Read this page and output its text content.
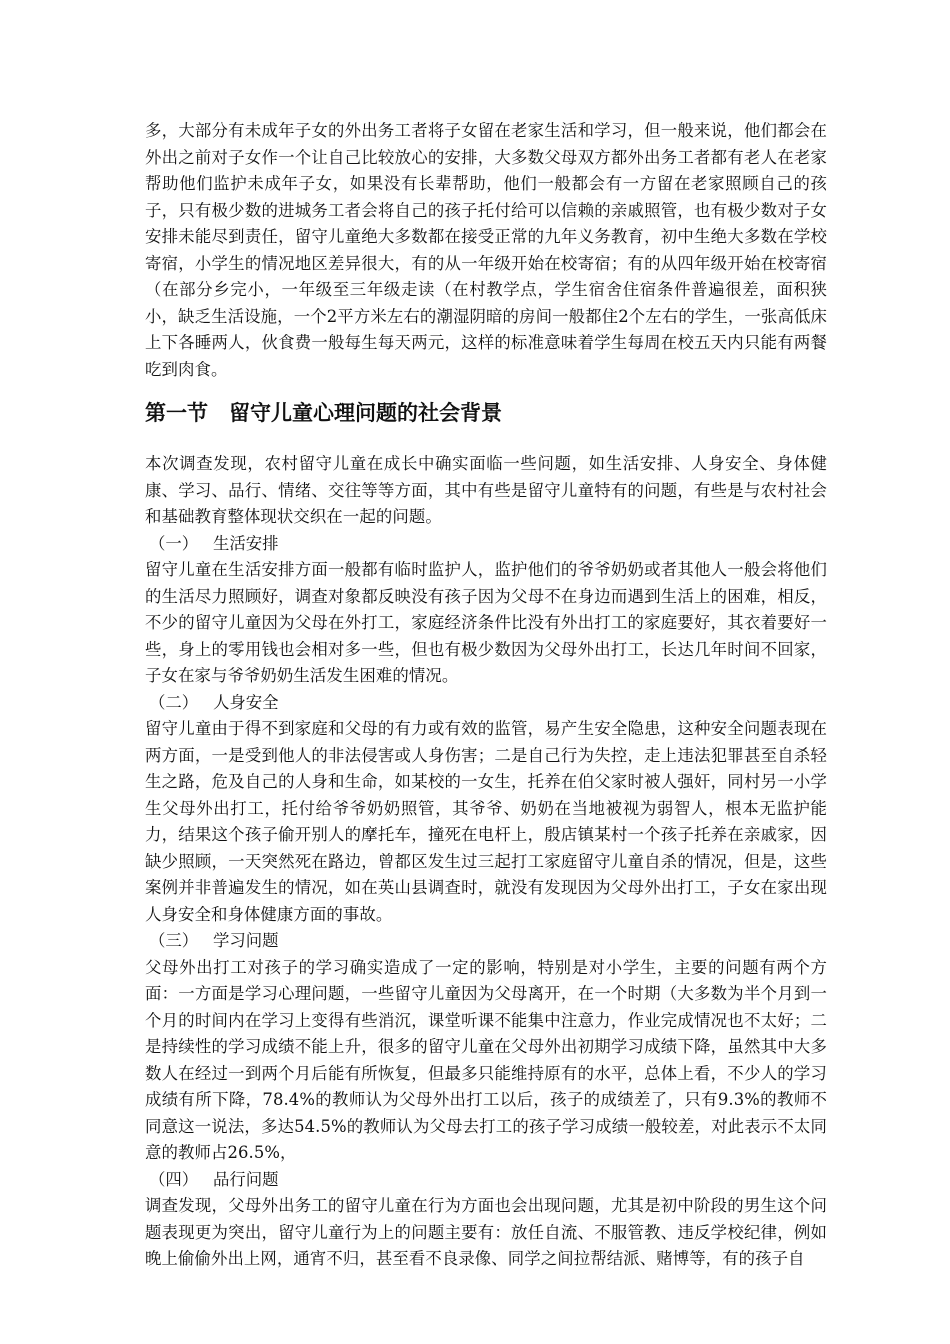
多，大部分有未成年子女的外出务工者将子女留在老家生活和学习，但一般来说，他们都会在外出之前对子女作一个让自己比较放心的安排，大多数父母双方都外出务工者都有老人在老家帮助他们监护未成年子女，如果没有长辈帮助，他们一般都会有一方留在老家照顾自己的孩子，只有极少数的进城务工者会将自己的孩子托付给可以信赖的亲戚照管，也有极少数对子女安排未能尽到责任，留守儿童绝大多数都在接受正常的九年义务教育，初中生绝大多数在学校寄宿，小学生的情况地区差异很大，有的从一年级开始在校寄宿；有的从四年级开始在校寄宿（在部分乡完小，一年级至三年级走读（在村教学点，学生宿舍住宿条件普遍很差，面积狭小，缺乏生活设施，一个2平方米左右的潮湿阴暗的房间一般都住2个左右的学生，一张高低床上下各睡两人，伙食费一般每生每天两元，这样的标准意味着学生每周在校五天内只能有两餐吃到肉食。

第一节 留守儿童心理问题的社会背景

本次调查发现，农村留守儿童在成长中确实面临一些问题，如生活安排、人身安全、身体健康、学习、品行、情绪、交往等等方面，其中有些是留守儿童特有的问题，有些是与农村社会和基础教育整体现状交织在一起的问题。

（一） 生活安排

留守儿童在生活安排方面一般都有临时监护人，监护他们的爷爷奶奶或者其他人一般会将他们的生活尽力照顾好，调查对象都反映没有孩子因为父母不在身边而遇到生活上的困难，相反，不少的留守儿童因为父母在外打工，家庭经济条件比没有外出打工的家庭要好，其衣着要好一些，身上的零用钱也会相对多一些，但也有极少数因为父母外出打工，长达几年时间不回家，子女在家与爷爷奶奶生活发生困难的情况。

（二） 人身安全

留守儿童由于得不到家庭和父母的有力或有效的监管，易产生安全隐患，这种安全问题表现在两方面，一是受到他人的非法侵害或人身伤害；二是自己行为失控，走上违法犯罪甚至自杀轻生之路，危及自己的人身和生命，如某校的一女生，托养在伯父家时被人强奸，同村另一小学生父母外出打工，托付给爷爷奶奶照管，其爷爷、奶奶在当地被视为弱智人，根本无监护能力，结果这个孩子偷开别人的摩托车，撞死在电杆上，殷店镇某村一个孩子托养在亲戚家，因缺少照顾，一天突然死在路边，曾都区发生过三起打工家庭留守儿童自杀的情况，但是，这些案例并非普遍发生的情况，如在英山县调查时，就没有发现因为父母外出打工，子女在家出现人身安全和身体健康方面的事故。

（三） 学习问题

父母外出打工对孩子的学习确实造成了一定的影响，特别是对小学生，主要的问题有两个方面：一方面是学习心理问题，一些留守儿童因为父母离开，在一个时期（大多数为半个月到一个月的时间内在学习上变得有些消沉，课堂听课不能集中注意力，作业完成情况也不太好；二是持续性的学习成绩不能上升，很多的留守儿童在父母外出初期学习成绩下降，虽然其中大多数人在经过一到两个月后能有所恢复，但最多只能维持原有的水平，总体上看，不少人的学习成绩有所下降，78.4%的教师认为父母外出打工以后，孩子的成绩差了，只有9.3%的教师不同意这一说法，多达54.5%的教师认为父母去打工的孩子学习成绩一般较差，对此表示不太同意的教师占26.5%，

（四） 品行问题

调查发现，父母外出务工的留守儿童在行为方面也会出现问题，尤其是初中阶段的男生这个问题表现更为突出，留守儿童行为上的问题主要有：放任自流、不服管教、违反学校纪律，例如晚上偷偷外出上网，通宵不归，甚至看不良录像、同学之间拉帮结派、赌博等，有的孩子自
